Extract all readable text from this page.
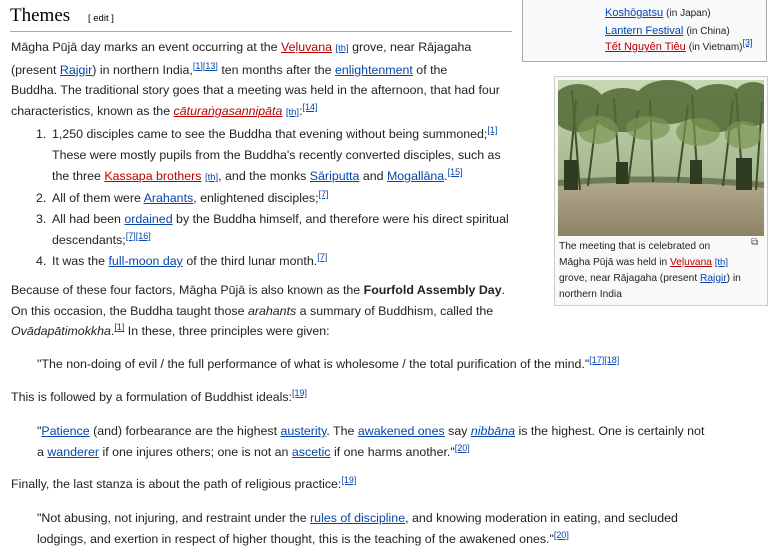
Koshōgatsu (in Japan)
Lantern Festival (in China)
Tết Nguyên Tiêu (in Vietnam)[3]
Themes [ edit ]
⧉
The meeting that is celebrated on
Māgha Pūjā was held in Veḷuvana [th]
grove, near Rājagaha (present Rajgir) in
northern India
Māgha Pūjā day marks an event occurring at the Veḷuvana [th] grove, near Rājagaha
(present Rajgir) in northern India,[1][13] ten months after the enlightenment of the
Buddha. The traditional story goes that a meeting was held in the afternoon, that had four
characteristics, known as the cāturaṅgasannipāta [th]:[14]
1. 1,250 disciples came to see the Buddha that evening without being summoned;[1]
These were mostly pupils from the Buddha's recently converted disciples, such as
the three Kassapa brothers [th], and the monks Sāriputta and Mogallāna.[15]
2. All of them were Arahants, enlightened disciples;[7]
3. All had been ordained by the Buddha himself, and therefore were his direct spiritual
descendants;[7][16]
4. It was the full-moon day of the third lunar month.[7]
Because of these four factors, Māgha Pūjā is also known as the Fourfold Assembly Day.
On this occasion, the Buddha taught those arahants a summary of Buddhism, called the
Ovādapātimokkha.[1] In these, three principles were given:
"The non-doing of evil / the full performance of what is wholesome / the total purification of the mind."[17][18]
This is followed by a formulation of Buddhist ideals:[19]
"Patience (and) forbearance are the highest austerity. The awakened ones say nibbāna is the highest. One is certainly not
a wanderer if one injures others; one is not an ascetic if one harms another."[20]
Finally, the last stanza is about the path of religious practice:[19]
"Not abusing, not injuring, and restraint under the rules of discipline, and knowing moderation in eating, and secluded
lodgings, and exertion in respect of higher thought, this is the teaching of the awakened ones."[20]
